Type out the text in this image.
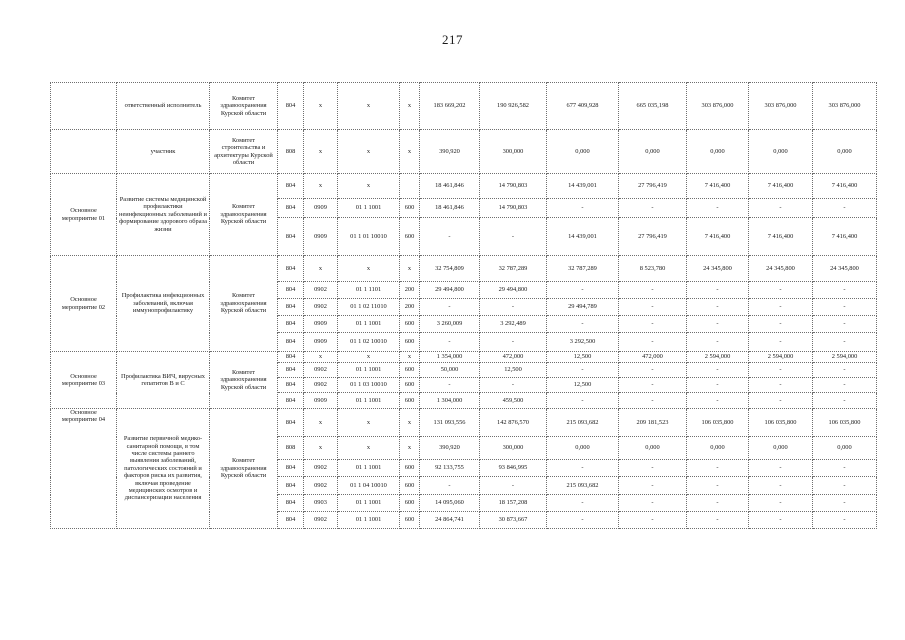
217
	ответственный исполнитель	Комитет здравоохранения Курской области	804	х	х	х	183 669,202	190 926,582	677 409,928	665 035,198	303 876,000	303 876,000	303 876,000
	участник	Комитет строительства и архитектуры Курской области	808	х	х	х	390,920	300,000	0,000	0,000	0,000	0,000	0,000
Основное мероприятие 01	Развитие системы медицинской профилактики неинфекционных заболеваний и формирование здорового образа жизни	Комитет здравоохранения Курской области	804	х	х		18 461,846	14 790,803	14 439,001	27 796,419	7 416,400	7 416,400	7 416,400
			804	0909	01 1 1001	600	18 461,846	14 790,803	-	-	-	-	-
			804	0909	01 1 01 10010	600	-	-	14 439,001	27 796,419	7 416,400	7 416,400	7 416,400
Основное мероприятие 02	Профилактика инфекционных заболеваний, включая иммунопрофилактику	Комитет здравоохранения Курской области	804	х	х	х	32 754,809	32 787,289	32 787,289	8 523,780	24 345,800	24 345,800	24 345,800
			804	0902	01 1 1101	200	29 494,800	29 494,800	-	-	-	-	-
			804	0902	01 1 02 11010	200	-	-	29 494,789	-	-	-	-
			804	0909	01 1 1001	600	3 260,009	3 292,489	-	-	-	-	-
			804	0909	01 1 02 10010	600	-	-	3 292,500	-	-	-	-
Основное мероприятие 03	Профилактика ВИЧ, вирусных гепатитов В и С	Комитет здравоохранения Курской области	804	х	х	х	1 354,000	472,000	12,500	472,000	2 594,000	2 594,000	2 594,000
			804	0902	01 1 1001	600	50,000	12,500	-	-	-	-	-
			804	0902	01 1 03 10010	600	-	-	12,500	-	-	-	-
			804	0909	01 1 1001	600	1 304,000	459,500	-	-	-	-	-
Основное мероприятие 04	Развитие первичной медико-санитарной помощи, в том числе системы раннего выявления заболеваний, патологических состояний и факторов риска их развития, включая проведение медицинских осмотров и диспансеризации населения	Комитет здравоохранения Курской области	804	х	х	х	131 093,556	142 876,570	215 093,682	209 181,523	106 035,800	106 035,800	106 035,800
			808	х	х	х	390,920	300,000	0,000	0,000	0,000	0,000	0,000
			804	0902	01 1 1001	600	92 133,755	93 846,995	-	-	-	-	-
			804	0902	01 1 04 10010	600	-	-	215 093,682	-	-	-	-
			804	0903	01 1 1001	600	14 095,060	18 157,208	-	-	-	-	-
			804	0902	01 1 1001	600	24 864,741	30 873,667	-	-	-	-	-
